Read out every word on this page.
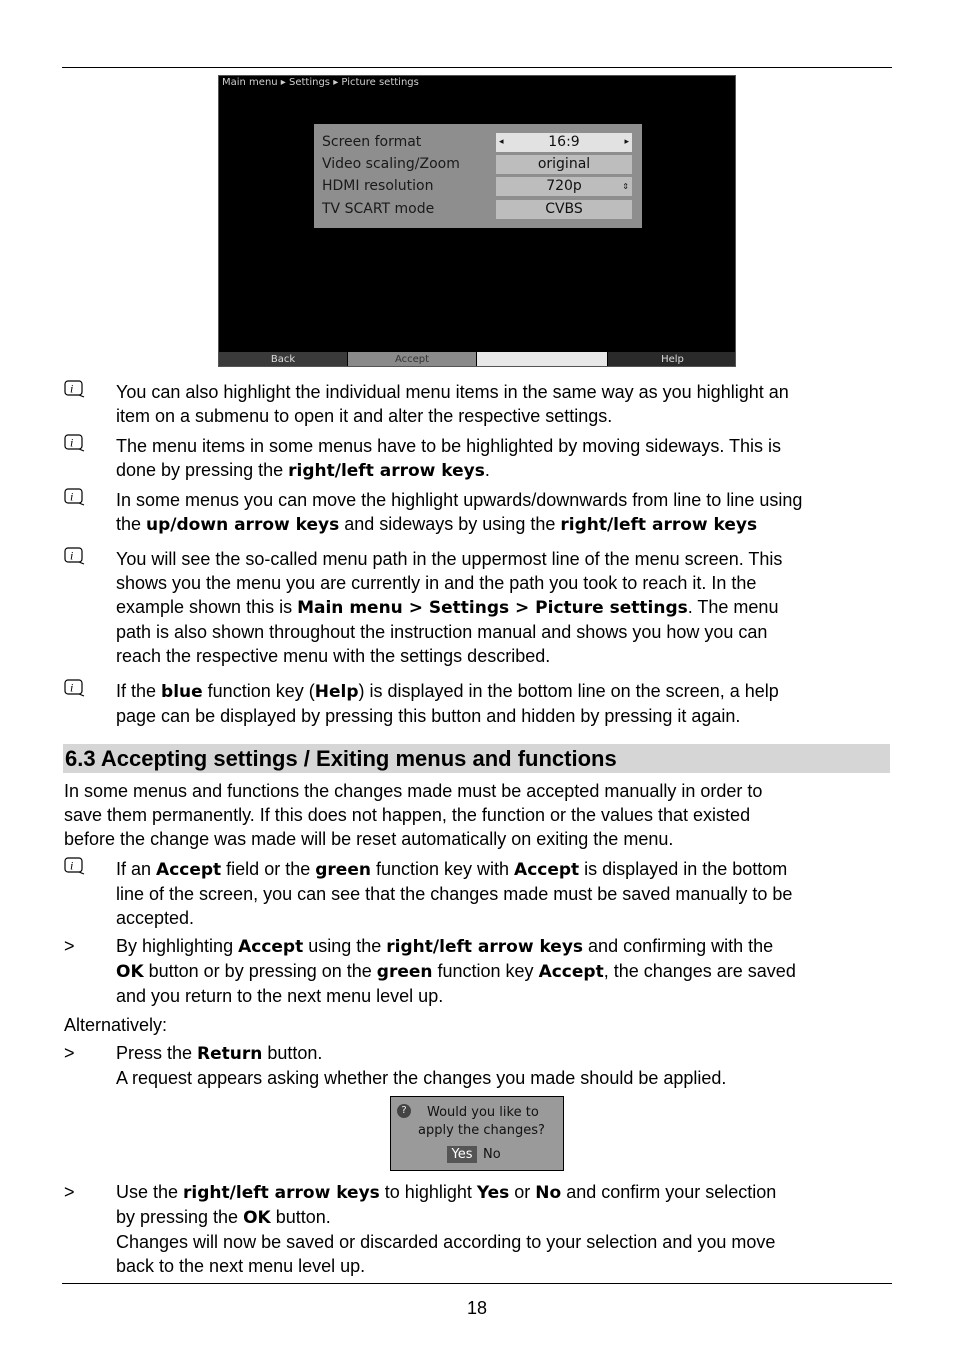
Main menu ▸ Settings ▸ Picture settings
Screen format	◂	16:9	▸
Video scaling/Zoom	original
HDMI resolution	720p	⇕
TV SCART mode	CVBS
Back	Accept	Help
i You can also highlight the individual menu items in the same way as you highlight an
item on a submenu to open it and alter the respective settings.
i The menu items in some menus have to be highlighted by moving sideways. This is
done by pressing the right/left arrow keys.
i In some menus you can move the highlight upwards/downwards from line to line using
the up/down arrow keys and sideways by using the right/left arrow keys
i You will see the so-called menu path in the uppermost line of the menu screen. This
shows you the menu you are currently in and the path you took to reach it. In the
example shown this is Main menu > Settings > Picture settings. The menu
path is also shown throughout the instruction manual and shows you how you can
reach the respective menu with the settings described.
i If the blue function key (Help) is displayed in the bottom line on the screen, a help
page can be displayed by pressing this button and hidden by pressing it again.
6.3 Accepting settings / Exiting menus and functions
In some menus and functions the changes made must be accepted manually in order to
save them permanently. If this does not happen, the function or the values that existed
before the change was made will be reset automatically on exiting the menu.
i If an Accept field or the green function key with Accept is displayed in the bottom
line of the screen, you can see that the changes made must be saved manually to be
accepted.
> By highlighting Accept using the right/left arrow keys and confirming with the
OK button or by pressing on the green function key Accept, the changes are saved
and you return to the next menu level up.
Alternatively:
> Press the Return button.
A request appears asking whether the changes you made should be applied.
?	Would you like to
apply the changes?
Yes No
> Use the right/left arrow keys to highlight Yes or No and confirm your selection
by pressing the OK button.
Changes will now be saved or discarded according to your selection and you move
back to the next menu level up.
18
